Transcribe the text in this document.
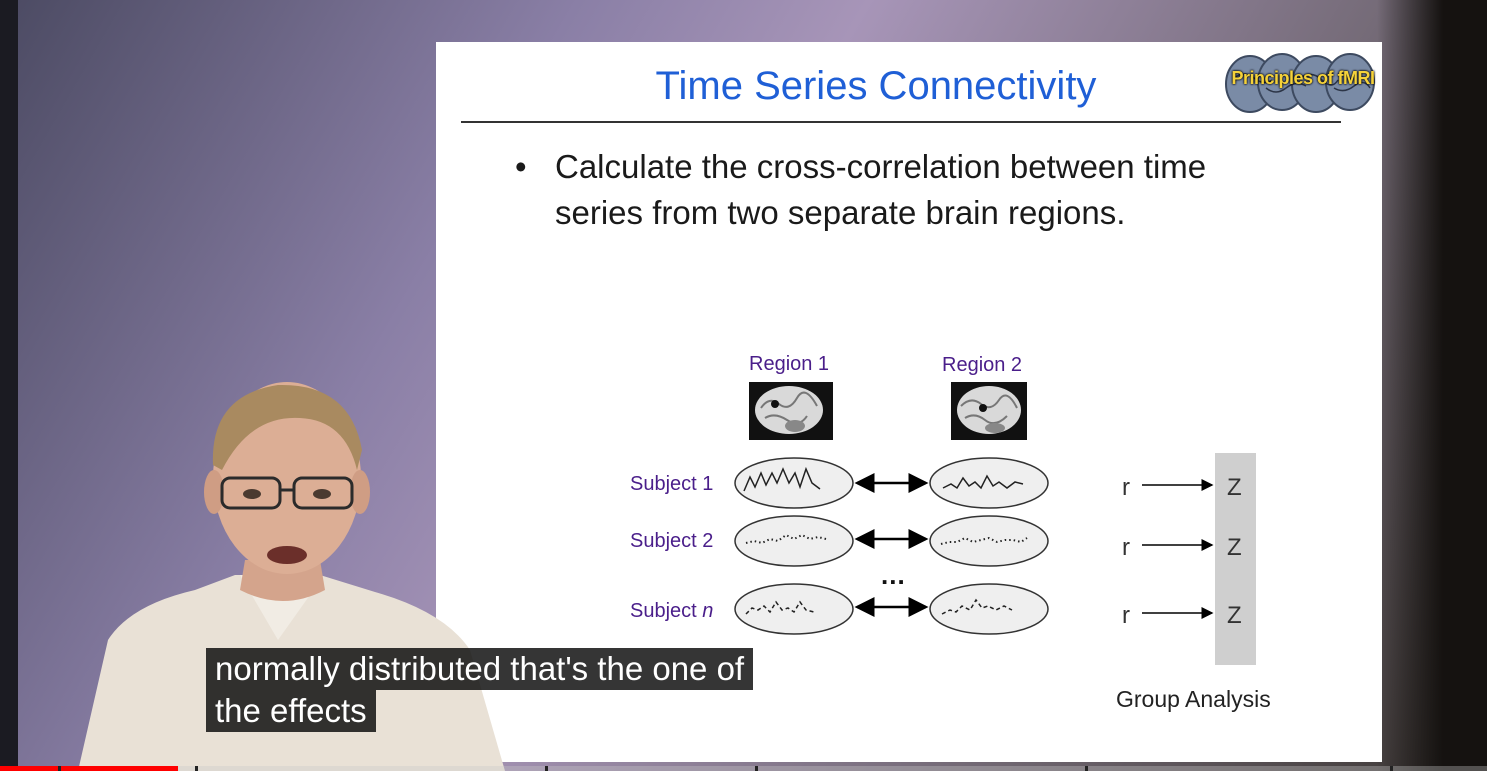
Time Series Connectivity	Principles of fMRI
• Calculate the cross-correlation between time series from two separate brain regions.
Region 1	Region 2
Subject 1
Subject 2
Subject n
...
r
r
r
Z
Z
Z
Group Analysis
normally distributed that's the one of
the effects
